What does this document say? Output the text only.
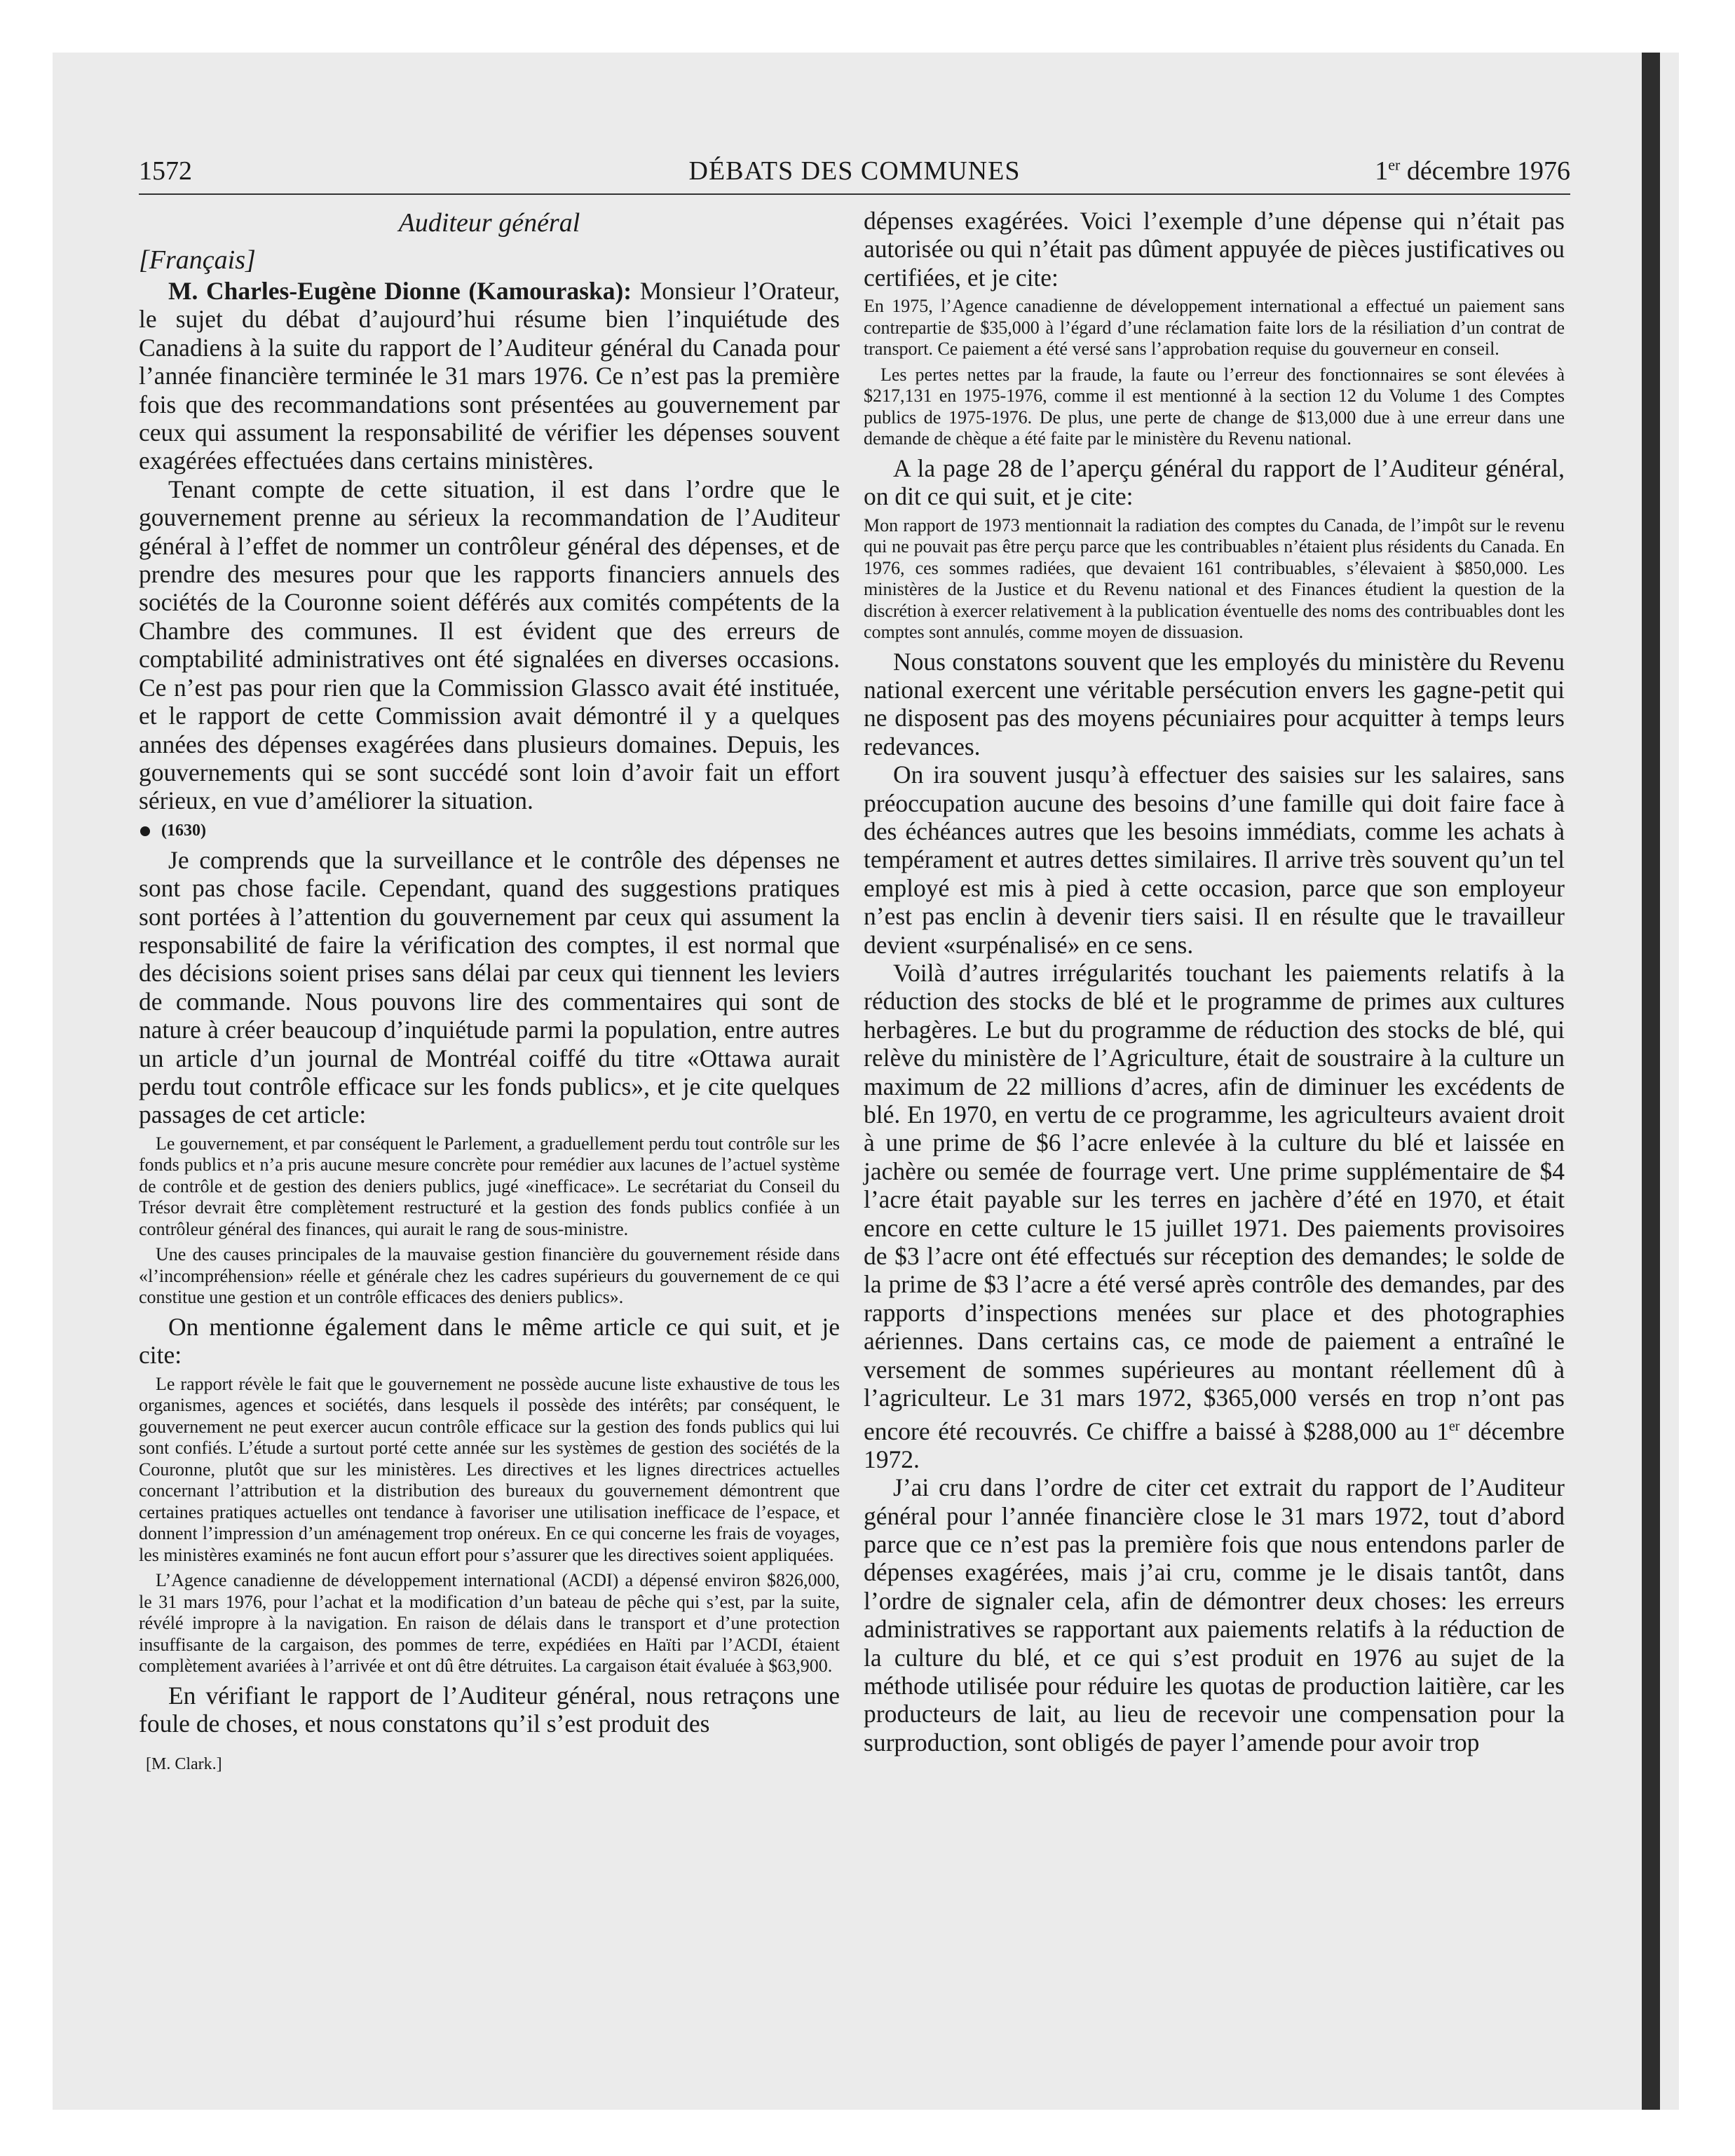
1572	DÉBATS DES COMMUNES	1er décembre 1976
Auditeur général
[Français]

M. Charles-Eugène Dionne (Kamouraska): Monsieur l’Orateur, le sujet du débat d’aujourd’hui résume bien l’inquiétude des Canadiens à la suite du rapport de l’Auditeur général du Canada pour l’année financière terminée le 31 mars 1976. Ce n’est pas la première fois que des recommandations sont présentées au gouvernement par ceux qui assument la responsabilité de vérifier les dépenses souvent exagérées effectuées dans certains ministères.

Tenant compte de cette situation, il est dans l’ordre que le gouvernement prenne au sérieux la recommandation de l’Auditeur général à l’effet de nommer un contrôleur général des dépenses, et de prendre des mesures pour que les rapports financiers annuels des sociétés de la Couronne soient déférés aux comités compétents de la Chambre des communes. Il est évident que des erreurs de comptabilité administratives ont été signalées en diverses occasions. Ce n’est pas pour rien que la Commission Glassco avait été instituée, et le rapport de cette Commission avait démontré il y a quelques années des dépenses exagérées dans plusieurs domaines. Depuis, les gouvernements qui se sont succédé sont loin d’avoir fait un effort sérieux, en vue d’améliorer la situation.

(1630)

Je comprends que la surveillance et le contrôle des dépenses ne sont pas chose facile. Cependant, quand des suggestions pratiques sont portées à l’attention du gouvernement par ceux qui assument la responsabilité de faire la vérification des comptes, il est normal que des décisions soient prises sans délai par ceux qui tiennent les leviers de commande. Nous pouvons lire des commentaires qui sont de nature à créer beaucoup d’inquiétude parmi la population, entre autres un article d’un journal de Montréal coiffé du titre «Ottawa aurait perdu tout contrôle efficace sur les fonds publics», et je cite quelques passages de cet article:

Le gouvernement, et par conséquent le Parlement, a graduellement perdu tout contrôle sur les fonds publics et n’a pris aucune mesure concrète pour remédier aux lacunes de l’actuel système de contrôle et de gestion des deniers publics, jugé «inefficace». Le secrétariat du Conseil du Trésor devrait être complètement restructuré et la gestion des fonds publics confiée à un contrôleur général des finances, qui aurait le rang de sous-ministre.

Une des causes principales de la mauvaise gestion financière du gouvernement réside dans «l’incompréhension» réelle et générale chez les cadres supérieurs du gouvernement de ce qui constitue une gestion et un contrôle efficaces des deniers publics».

On mentionne également dans le même article ce qui suit, et je cite:

Le rapport révèle le fait que le gouvernement ne possède aucune liste exhaustive de tous les organismes, agences et sociétés, dans lesquels il possède des intérêts; par conséquent, le gouvernement ne peut exercer aucun contrôle efficace sur la gestion des fonds publics qui lui sont confiés. L’étude a surtout porté cette année sur les systèmes de gestion des sociétés de la Couronne, plutôt que sur les ministères. Les directives et les lignes directrices actuelles concernant l’attribution et la distribution des bureaux du gouvernement démontrent que certaines pratiques actuelles ont tendance à favoriser une utilisation inefficace de l’espace, et donnent l’impression d’un aménagement trop onéreux. En ce qui concerne les frais de voyages, les ministères examinés ne font aucun effort pour s’assurer que les directives soient appliquées.

L’Agence canadienne de développement international (ACDI) a dépensé environ $826,000, le 31 mars 1976, pour l’achat et la modification d’un bateau de pêche qui s’est, par la suite, révélé impropre à la navigation. En raison de délais dans le transport et d’une protection insuffisante de la cargaison, des pommes de terre, expédiées en Haïti par l’ACDI, étaient complètement avariées à l’arrivée et ont dû être détruites. La cargaison était évaluée à $63,900.

En vérifiant le rapport de l’Auditeur général, nous retraçons une foule de choses, et nous constatons qu’il s’est produit des

[M. Clark.]

dépenses exagérées. Voici l’exemple d’une dépense qui n’était pas autorisée ou qui n’était pas dûment appuyée de pièces justificatives ou certifiées, et je cite:

En 1975, l’Agence canadienne de développement international a effectué un paiement sans contrepartie de $35,000 à l’égard d’une réclamation faite lors de la résiliation d’un contrat de transport. Ce paiement a été versé sans l’approbation requise du gouverneur en conseil.

Les pertes nettes par la fraude, la faute ou l’erreur des fonctionnaires se sont élevées à $217,131 en 1975-1976, comme il est mentionné à la section 12 du Volume 1 des Comptes publics de 1975-1976. De plus, une perte de change de $13,000 due à une erreur dans une demande de chèque a été faite par le ministère du Revenu national.

A la page 28 de l’aperçu général du rapport de l’Auditeur général, on dit ce qui suit, et je cite:

Mon rapport de 1973 mentionnait la radiation des comptes du Canada, de l’impôt sur le revenu qui ne pouvait pas être perçu parce que les contribuables n’étaient plus résidents du Canada. En 1976, ces sommes radiées, que devaient 161 contribuables, s’élevaient à $850,000. Les ministères de la Justice et du Revenu national et des Finances étudient la question de la discrétion à exercer relativement à la publication éventuelle des noms des contribuables dont les comptes sont annulés, comme moyen de dissuasion.

Nous constatons souvent que les employés du ministère du Revenu national exercent une véritable persécution envers les gagne-petit qui ne disposent pas des moyens pécuniaires pour acquitter à temps leurs redevances.

On ira souvent jusqu’à effectuer des saisies sur les salaires, sans préoccupation aucune des besoins d’une famille qui doit faire face à des échéances autres que les besoins immédiats, comme les achats à tempérament et autres dettes similaires. Il arrive très souvent qu’un tel employé est mis à pied à cette occasion, parce que son employeur n’est pas enclin à devenir tiers saisi. Il en résulte que le travailleur devient «surpénalisé» en ce sens.

Voilà d’autres irrégularités touchant les paiements relatifs à la réduction des stocks de blé et le programme de primes aux cultures herbagères. Le but du programme de réduction des stocks de blé, qui relève du ministère de l’Agriculture, était de soustraire à la culture un maximum de 22 millions d’acres, afin de diminuer les excédents de blé. En 1970, en vertu de ce programme, les agriculteurs avaient droit à une prime de $6 l’acre enlevée à la culture du blé et laissée en jachère ou semée de fourrage vert. Une prime supplémentaire de $4 l’acre était payable sur les terres en jachère d’été en 1970, et était encore en cette culture le 15 juillet 1971. Des paiements provisoires de $3 l’acre ont été effectués sur réception des demandes; le solde de la prime de $3 l’acre a été versé après contrôle des demandes, par des rapports d’inspections menées sur place et des photographies aériennes. Dans certains cas, ce mode de paiement a entraîné le versement de sommes supérieures au montant réellement dû à l’agriculteur. Le 31 mars 1972, $365,000 versés en trop n’ont pas encore été recouvrés. Ce chiffre a baissé à $288,000 au 1er décembre 1972.

J’ai cru dans l’ordre de citer cet extrait du rapport de l’Auditeur général pour l’année financière close le 31 mars 1972, tout d’abord parce que ce n’est pas la première fois que nous entendons parler de dépenses exagérées, mais j’ai cru, comme je le disais tantôt, dans l’ordre de signaler cela, afin de démontrer deux choses: les erreurs administratives se rapportant aux paiements relatifs à la réduction de la culture du blé, et ce qui s’est produit en 1976 au sujet de la méthode utilisée pour réduire les quotas de production laitière, car les producteurs de lait, au lieu de recevoir une compensation pour la surproduction, sont obligés de payer l’amende pour avoir trop
